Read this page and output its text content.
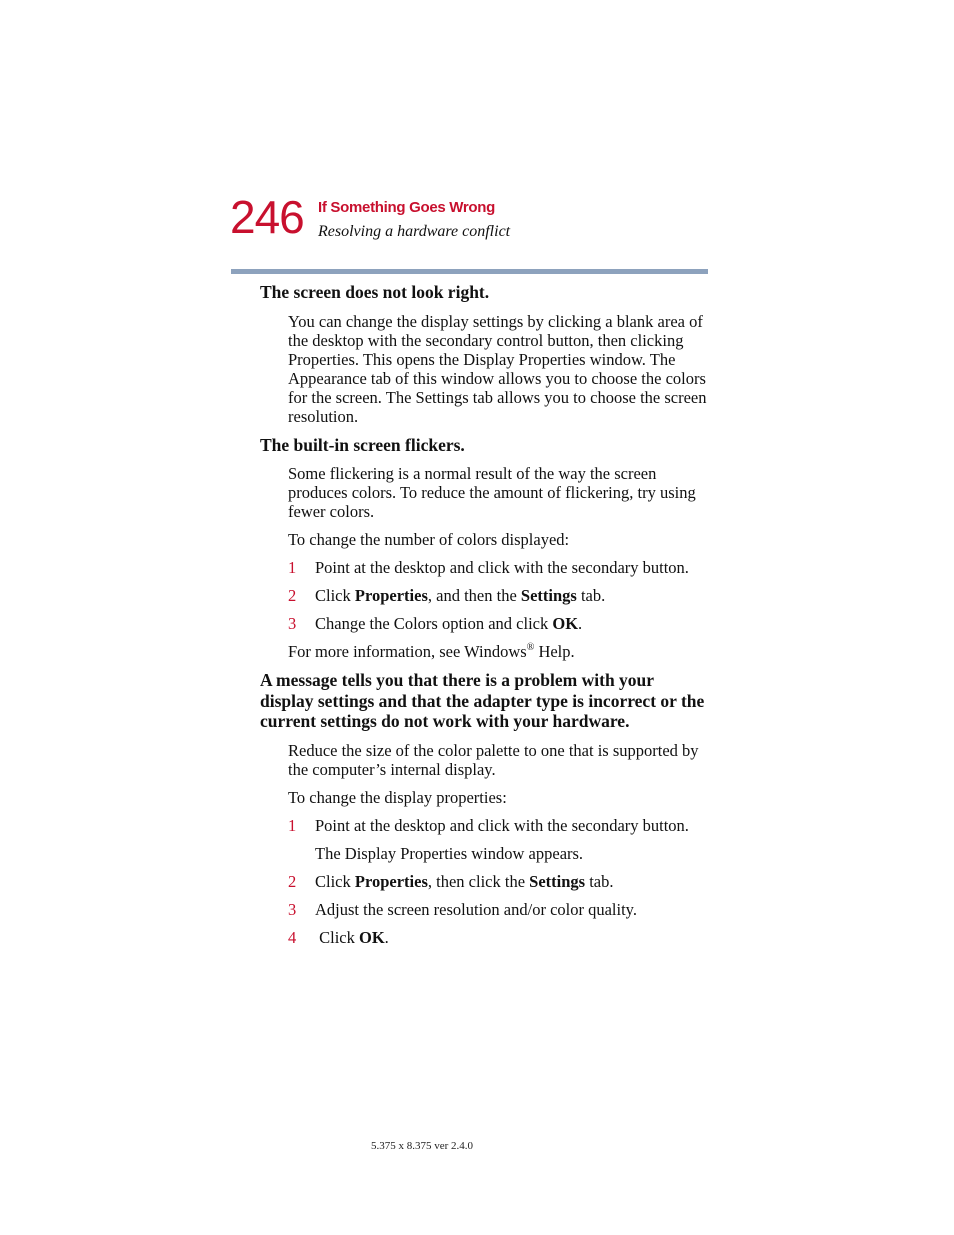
246 If Something Goes Wrong
Resolving a hardware conflict
The screen does not look right.

You can change the display settings by clicking a blank area of the desktop with the secondary control button, then clicking Properties. This opens the Display Properties window. The Appearance tab of this window allows you to choose the colors for the screen. The Settings tab allows you to choose the screen resolution.

The built-in screen flickers.

Some flickering is a normal result of the way the screen produces colors. To reduce the amount of flickering, try using fewer colors.

To change the number of colors displayed:

1 Point at the desktop and click with the secondary button.
2 Click Properties, and then the Settings tab.
3 Change the Colors option and click OK.

For more information, see Windows® Help.

A message tells you that there is a problem with your display settings and that the adapter type is incorrect or the current settings do not work with your hardware.

Reduce the size of the color palette to one that is supported by the computer’s internal display.

To change the display properties:

1 Point at the desktop and click with the secondary button.

The Display Properties window appears.

2 Click Properties, then click the Settings tab.
3 Adjust the screen resolution and/or color quality.
4 Click OK.
5.375 x 8.375 ver 2.4.0
